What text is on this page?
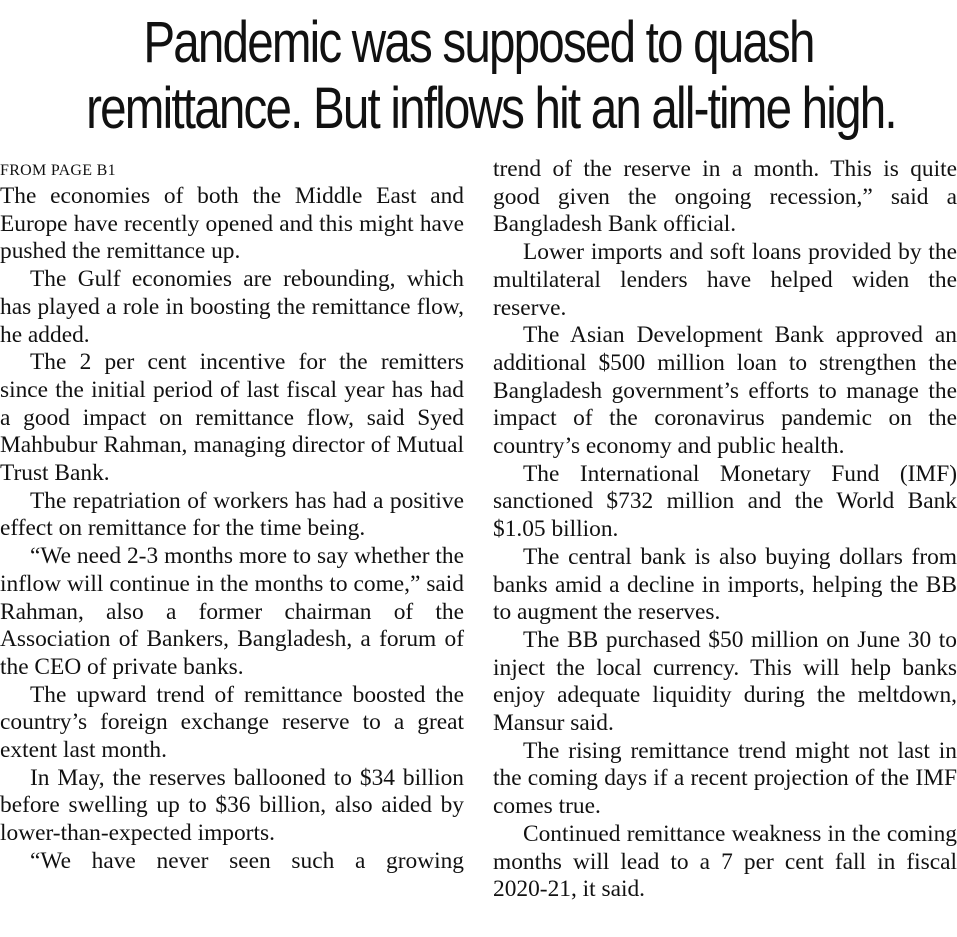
Pandemic was supposed to quash
remittance. But inflows hit an all-time high.
FROM PAGE B1

The economies of both the Middle East and Europe have recently opened and this might have pushed the remittance up.

The Gulf economies are rebounding, which has played a role in boosting the remittance flow, he added.

The 2 per cent incentive for the remitters since the initial period of last fiscal year has had a good impact on remittance flow, said Syed Mahbubur Rahman, managing director of Mutual Trust Bank.

The repatriation of workers has had a positive effect on remittance for the time being.

“We need 2-3 months more to say whether the inflow will continue in the months to come,” said Rahman, also a former chairman of the Association of Bankers, Bangladesh, a forum of the CEO of private banks.

The upward trend of remittance boosted the country’s foreign exchange reserve to a great extent last month.

In May, the reserves ballooned to $34 billion before swelling up to $36 billion, also aided by lower-than-expected imports.

“We have never seen such a growing

trend of the reserve in a month. This is quite good given the ongoing recession,” said a Bangladesh Bank official.

Lower imports and soft loans provided by the multilateral lenders have helped widen the reserve.

The Asian Development Bank approved an additional $500 million loan to strengthen the Bangladesh government’s efforts to manage the impact of the coronavirus pandemic on the country’s economy and public health.

The International Monetary Fund (IMF) sanctioned $732 million and the World Bank $1.05 billion.

The central bank is also buying dollars from banks amid a decline in imports, helping the BB to augment the reserves.

The BB purchased $50 million on June 30 to inject the local currency. This will help banks enjoy adequate liquidity during the meltdown, Mansur said.

The rising remittance trend might not last in the coming days if a recent projection of the IMF comes true.

Continued remittance weakness in the coming months will lead to a 7 per cent fall in fiscal 2020-21, it said.
